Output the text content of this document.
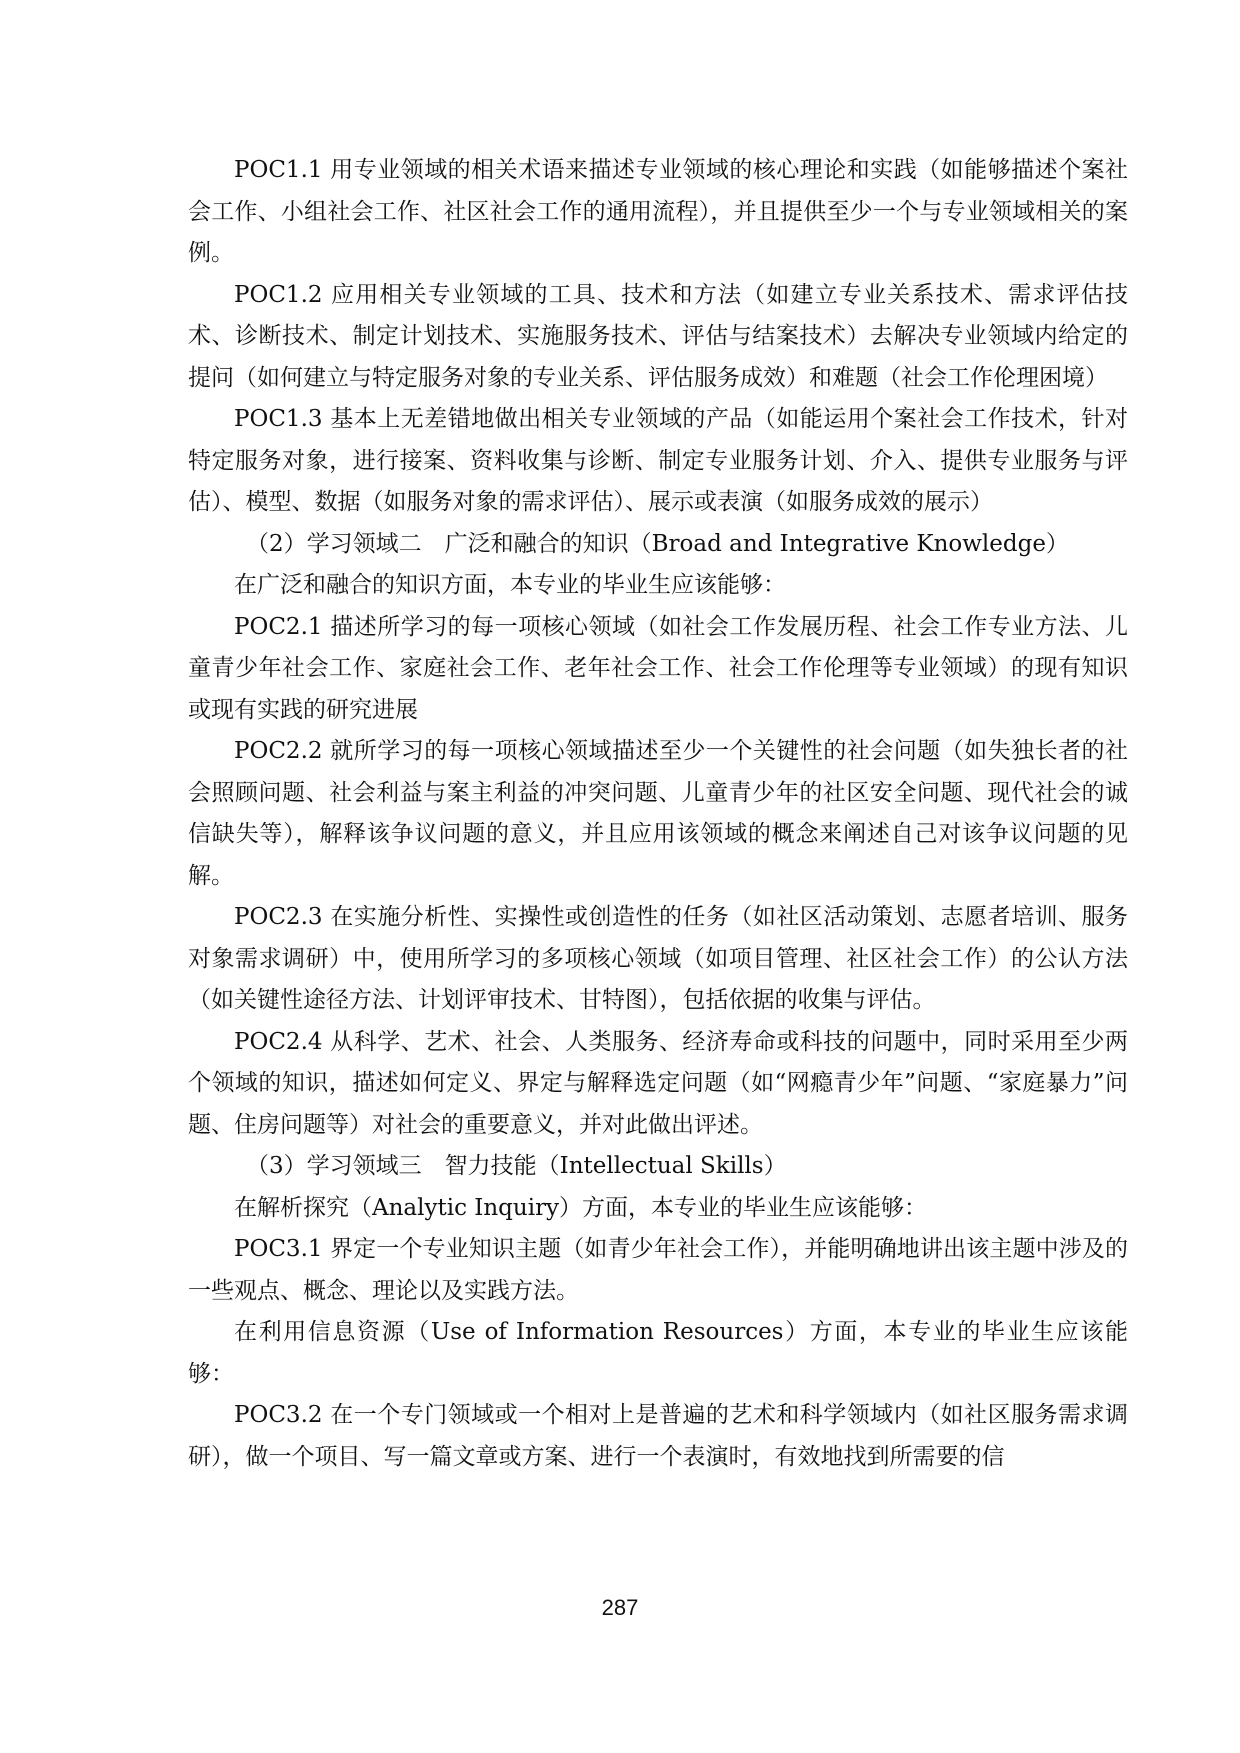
POC1.1 用专业领域的相关术语来描述专业领域的核心理论和实践（如能够描述个案社会工作、小组社会工作、社区社会工作的通用流程），并且提供至少一个与专业领域相关的案例。

POC1.2 应用相关专业领域的工具、技术和方法（如建立专业关系技术、需求评估技术、诊断技术、制定计划技术、实施服务技术、评估与结案技术）去解决专业领域内给定的提问（如何建立与特定服务对象的专业关系、评估服务成效）和难题（社会工作伦理困境）

POC1.3 基本上无差错地做出相关专业领域的产品（如能运用个案社会工作技术，针对特定服务对象，进行接案、资料收集与诊断、制定专业服务计划、介入、提供专业服务与评估）、模型、数据（如服务对象的需求评估）、展示或表演（如服务成效的展示）

（2）学习领域二　广泛和融合的知识（Broad and Integrative Knowledge）

在广泛和融合的知识方面，本专业的毕业生应该能够：

POC2.1 描述所学习的每一项核心领域（如社会工作发展历程、社会工作专业方法、儿童青少年社会工作、家庭社会工作、老年社会工作、社会工作伦理等专业领域）的现有知识或现有实践的研究进展

POC2.2 就所学习的每一项核心领域描述至少一个关键性的社会问题（如失独长者的社会照顾问题、社会利益与案主利益的冲突问题、儿童青少年的社区安全问题、现代社会的诚信缺失等），解释该争议问题的意义，并且应用该领域的概念来阐述自己对该争议问题的见解。

POC2.3 在实施分析性、实操性或创造性的任务（如社区活动策划、志愿者培训、服务对象需求调研）中，使用所学习的多项核心领域（如项目管理、社区社会工作）的公认方法（如关键性途径方法、计划评审技术、甘特图），包括依据的收集与评估。

POC2.4 从科学、艺术、社会、人类服务、经济寿命或科技的问题中，同时采用至少两个领域的知识，描述如何定义、界定与解释选定问题（如“网瘾青少年”问题、“家庭暴力”问题、住房问题等）对社会的重要意义，并对此做出评述。

（3）学习领域三　智力技能（Intellectual Skills）

在解析探究（Analytic Inquiry）方面，本专业的毕业生应该能够：

POC3.1 界定一个专业知识主题（如青少年社会工作），并能明确地讲出该主题中涉及的一些观点、概念、理论以及实践方法。

在利用信息资源（Use of Information Resources）方面，本专业的毕业生应该能够：

POC3.2 在一个专门领域或一个相对上是普遍的艺术和科学领域内（如社区服务需求调研），做一个项目、写一篇文章或方案、进行一个表演时，有效地找到所需要的信

287
